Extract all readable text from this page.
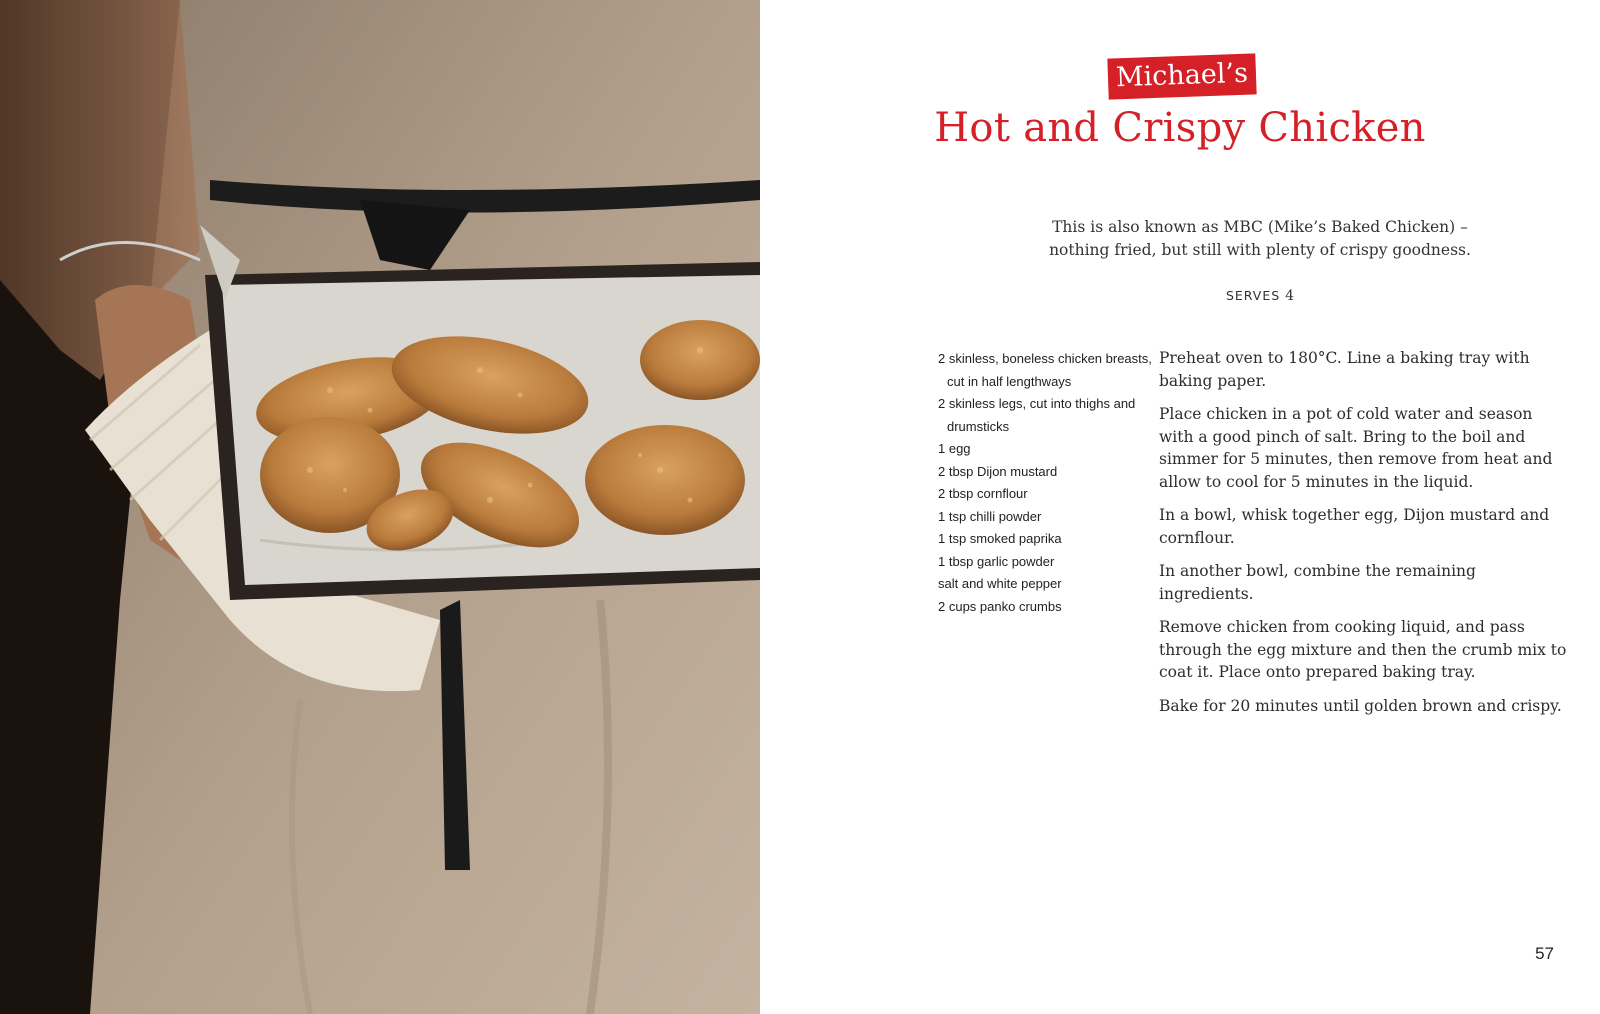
Michael’s
Hot and Crispy Chicken
This is also known as MBC (Mike’s Baked Chicken) –
nothing fried, but still with plenty of crispy goodness.
SERVES 4
2 skinless, boneless chicken breasts, cut in half lengthways
2 skinless legs, cut into thighs and drumsticks
1 egg
2 tbsp Dijon mustard
2 tbsp cornflour
1 tsp chilli powder
1 tsp smoked paprika
1 tbsp garlic powder
salt and white pepper
2 cups panko crumbs

Preheat oven to 180°C. Line a baking tray with baking paper.

Place chicken in a pot of cold water and season with a good pinch of salt. Bring to the boil and simmer for 5 minutes, then remove from heat and allow to cool for 5 minutes in the liquid.

In a bowl, whisk together egg, Dijon mustard and cornflour.

In another bowl, combine the remaining ingredients.

Remove chicken from cooking liquid, and pass through the egg mixture and then the crumb mix to coat it. Place onto prepared baking tray.

Bake for 20 minutes until golden brown and crispy.

57
